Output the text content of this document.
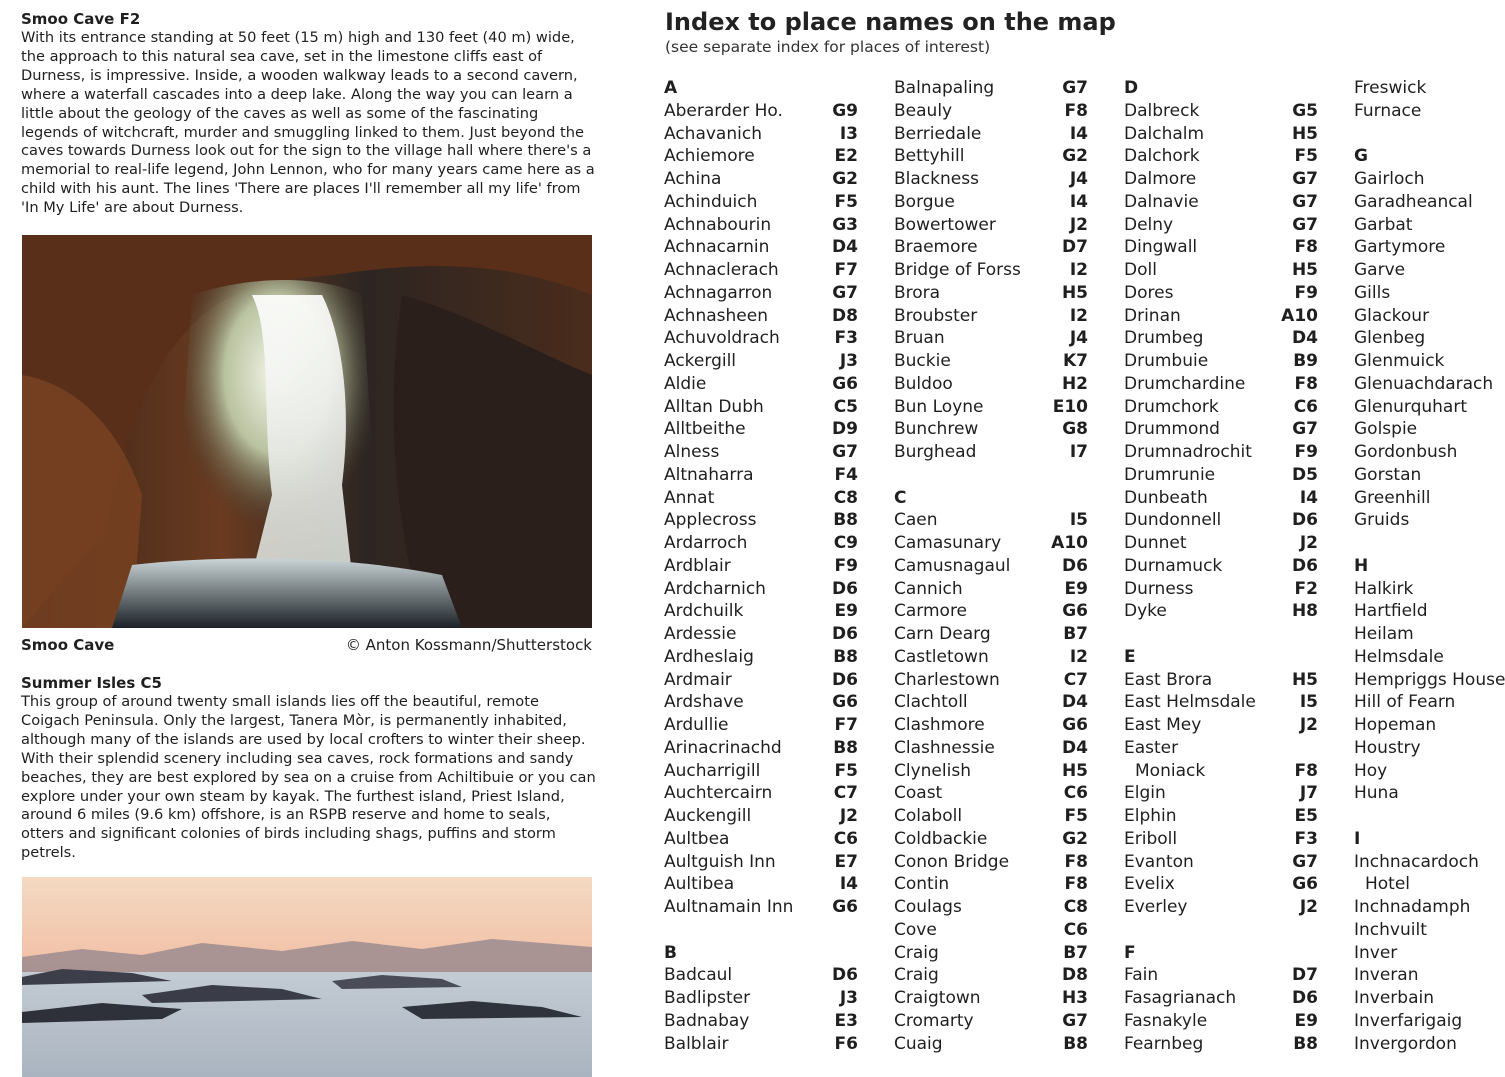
Smoo Cave F2

With its entrance standing at 50 feet (15 m) high and 130 feet (40 m) wide, the approach to this natural sea cave, set in the limestone cliffs east of Durness, is impressive. Inside, a wooden walkway leads to a second cavern, where a waterfall cascades into a deep lake. Along the way you can learn a little about the geology of the caves as well as some of the fascinating legends of witchcraft, murder and smuggling linked to them. Just beyond the caves towards Durness look out for the sign to the village hall where there's a memorial to real-life legend, John Lennon, who for many years came here as a child with his aunt. The lines 'There are places I'll remember all my life' from 'In My Life' are about Durness.

Smoo Cave	© Anton Kossmann/Shutterstock

Summer Isles C5

This group of around twenty small islands lies off the beautiful, remote Coigach Peninsula. Only the largest, Tanera Mòr, is permanently inhabited, although many of the islands are used by local crofters to winter their sheep. With their splendid scenery including sea caves, rock formations and sandy beaches, they are best explored by sea on a cruise from Achiltibuie or you can explore under your own steam by kayak. The furthest island, Priest Island, around 6 miles (9.6 km) offshore, is an RSPB reserve and home to seals, otters and significant colonies of birds including shags, puffins and storm petrels.

Index to place names on the map
(see separate index for places of interest)
A
Aberarder Ho.	G9
Achavanich	I3
Achiemore	E2
Achina	G2
Achinduich	F5
Achnabourin	G3
Achnacarnin	D4
Achnaclerach	F7
Achnagarron	G7
Achnasheen	D8
Achuvoldrach	F3
Ackergill	J3
Aldie	G6
Alltan Dubh	C5
Alltbeithe	D9
Alness	G7
Altnaharra	F4
Annat	C8
Applecross	B8
Ardarroch	C9
Ardblair	F9
Ardcharnich	D6
Ardchuilk	E9
Ardessie	D6
Ardheslaig	B8
Ardmair	D6
Ardshave	G6
Ardullie	F7
Arinacrinachd	B8
Aucharrigill	F5
Auchtercairn	C7
Auckengill	J2
Aultbea	C6
Aultguish Inn	E7
Aultibea	I4
Aultnamain Inn	G6
B
Badcaul	D6
Badlipster	J3
Badnabay	E3
Balblair	F6
Balnapaling	G7
Beauly	F8
Berriedale	I4
Bettyhill	G2
Blackness	J4
Borgue	I4
Bowertower	J2
Braemore	D7
Bridge of Forss	I2
Brora	H5
Broubster	I2
Bruan	J4
Buckie	K7
Buldoo	H2
Bun Loyne	E10
Bunchrew	G8
Burghead	I7
C
Caen	I5
Camasunary	A10
Camusnagaul	D6
Cannich	E9
Carmore	G6
Carn Dearg	B7
Castletown	I2
Charlestown	C7
Clachtoll	D4
Clashmore	G6
Clashnessie	D4
Clynelish	H5
Coast	C6
Colaboll	F5
Coldbackie	G2
Conon Bridge	F8
Contin	F8
Coulags	C8
Cove	C6
Craig	B7
Craig	D8
Craigtown	H3
Cromarty	G7
Cuaig	B8
D
Dalbreck	G5
Dalchalm	H5
Dalchork	F5
Dalmore	G7
Dalnavie	G7
Delny	G7
Dingwall	F8
Doll	H5
Dores	F9
Drinan	A10
Drumbeg	D4
Drumbuie	B9
Drumchardine	F8
Drumchork	C6
Drummond	G7
Drumnadrochit	F9
Drumrunie	D5
Dunbeath	I4
Dundonnell	D6
Dunnet	J2
Durnamuck	D6
Durness	F2
Dyke	H8
E
East Brora	H5
East Helmsdale	I5
East Mey	J2
Easter
Moniack	F8
Elgin	J7
Elphin	E5
Eriboll	F3
Evanton	G7
Evelix	G6
Everley	J2
F
Fain	D7
Fasagrianach	D6
Fasnakyle	E9
Fearnbeg	B8
Freswick
Furnace
G
Gairloch
Garadheancal
Garbat
Gartymore
Garve
Gills
Glackour
Glenbeg
Glenmuick
Glenuachdarach
Glenurquhart
Golspie
Gordonbush
Gorstan
Greenhill
Gruids
H
Halkirk
Hartfield
Heilam
Helmsdale
Hempriggs House
Hill of Fearn
Hopeman
Houstry
Hoy
Huna
I
Inchnacardoch
Hotel
Inchnadamph
Inchvuilt
Inver
Inveran
Inverbain
Inverfarigaig
Invergordon
